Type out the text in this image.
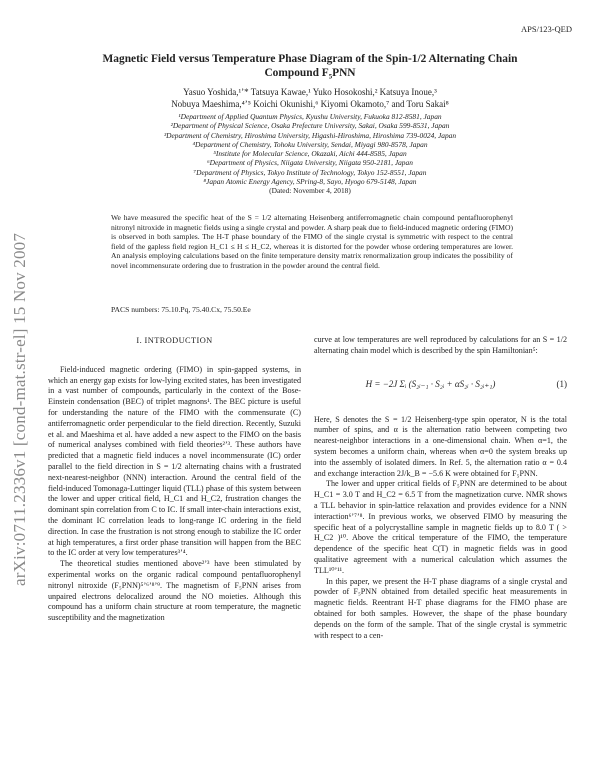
APS/123-QED
arXiv:0711.2336v1 [cond-mat.str-el] 15 Nov 2007
Magnetic Field versus Temperature Phase Diagram of the Spin-1/2 Alternating Chain
Compound F₅PNN
Yasuo Yoshida,¹ʼ* Tatsuya Kawae,¹ Yuko Hosokoshi,² Katsuya Inoue,³
Nobuya Maeshima,⁴ʼ⁵ Koichi Okunishi,⁶ Kiyomi Okamoto,⁷ and Toru Sakai⁸
¹Department of Applied Quantum Physics, Kyushu University, Fukuoka 812-8581, Japan
²Department of Physical Science, Osaka Prefecture University, Sakai, Osaka 599-8531, Japan
³Department of Chemistry, Hiroshima University, Higashi-Hiroshima, Hiroshima 739-0024, Japan
⁴Department of Chemistry, Tohoku University, Sendai, Miyagi 980-8578, Japan
⁵Institute for Molecular Science, Okazaki, Aichi 444-8585, Japan
⁶Department of Physics, Niigata University, Niigata 950-2181, Japan
⁷Department of Physics, Tokyo Institute of Technology, Tokyo 152-8551, Japan
⁸Japan Atomic Energy Agency, SPring-8, Sayo, Hyogo 679-5148, Japan
(Dated: November 4, 2018)
We have measured the specific heat of the S = 1/2 alternating Heisenberg antiferromagnetic chain compound pentafluorophenyl nitronyl nitroxide in magnetic fields using a single crystal and powder. A sharp peak due to field-induced magnetic ordering (FIMO) is observed in both samples. The H-T phase boundary of the FIMO of the single crystal is symmetric with respect to the central field of the gapless field region H_C1 ≤ H ≤ H_C2, whereas it is distorted for the powder whose ordering temperatures are lower. An analysis employing calculations based on the finite temperature density matrix renormalization group indicates the possibility of novel incommensurate ordering due to frustration in the powder around the central field.
PACS numbers: 75.10.Pq, 75.40.Cx, 75.50.Ee

I. INTRODUCTION

Field-induced magnetic ordering (FIMO) in spin-gapped systems, in which an energy gap exists for low-lying excited states, has been investigated in a vast number of compounds, particularly in the context of the Bose-Einstein condensation (BEC) of triplet magnons¹. The BEC picture is useful for understanding the nature of the FIMO with the commensurate (C) antiferromagnetic order perpendicular to the field direction. Recently, Suzuki et al. and Maeshima et al. have added a new aspect to the FIMO on the basis of numerical analyses combined with field theories²ʼ³. These authors have predicted that a magnetic field induces a novel incommensurate (IC) order parallel to the field direction in S = 1/2 alternating chains with a frustrated next-nearest-neighbor (NNN) interaction. Around the central field of the field-induced Tomonaga-Luttinger liquid (TLL) phase of this system between the lower and upper critical field, H_C1 and H_C2, frustration changes the dominant spin correlation from C to IC. If small inter-chain interactions exist, the dominant IC correlation leads to long-range IC ordering in the field direction. In case the frustration is not strong enough to stabilize the IC order at high temperatures, a first order phase transition will happen from the BEC to the IC order at very low temperatures³ʼ⁴.

The theoretical studies mentioned above²ʼ³ have been stimulated by experimental works on the organic radical compound pentafluorophenyl nitronyl nitroxide (F₅PNN)⁵ʼ⁶ʼ⁸ʼ⁹. The magnetism of F₅PNN arises from unpaired electrons delocalized around the NO moieties. Although this compound has a uniform chain structure at room temperature, the magnetic susceptibility and the magnetization

curve at low temperatures are well reproduced by calculations for an S = 1/2 alternating chain model which is described by the spin Hamiltonian⁵:

H = −2J Σᵢ (S₂ᵢ₋₁ · S₂ᵢ + αS₂ᵢ · S₂ᵢ₊₁)	(1)

Here, S denotes the S = 1/2 Heisenberg-type spin operator, N is the total number of spins, and α is the alternation ratio between competing two nearest-neighbor interactions in a one-dimensional chain. When α=1, the system becomes a uniform chain, whereas when α=0 the system breaks up into the assembly of isolated dimers. In Ref. 5, the alternation ratio α = 0.4 and exchange interaction 2J/k_B = −5.6 K were obtained for F₅PNN.

The lower and upper critical fields of F₅PNN are determined to be about H_C1 = 3.0 T and H_C2 = 6.5 T from the magnetization curve. NMR shows a TLL behavior in spin-lattice relaxation and provides evidence for a NNN interaction⁶ʼ⁷ʼ⁸. In previous works, we observed FIMO by measuring the specific heat of a polycrystalline sample in magnetic fields up to 8.0 T ( > H_C2 )¹⁰. Above the critical temperature of the FIMO, the temperature dependence of the specific heat C(T) in magnetic fields was in good qualitative agreement with a numerical calculation which assumes the TLL¹⁰ʼ¹¹.

In this paper, we present the H-T phase diagrams of a single crystal and powder of F₅PNN obtained from detailed specific heat measurements in magnetic fields. Reentrant H-T phase diagrams for the FIMO phase are obtained for both samples. However, the shape of the phase boundary depends on the form of the sample. That of the single crystal is symmetric with respect to a cen-
